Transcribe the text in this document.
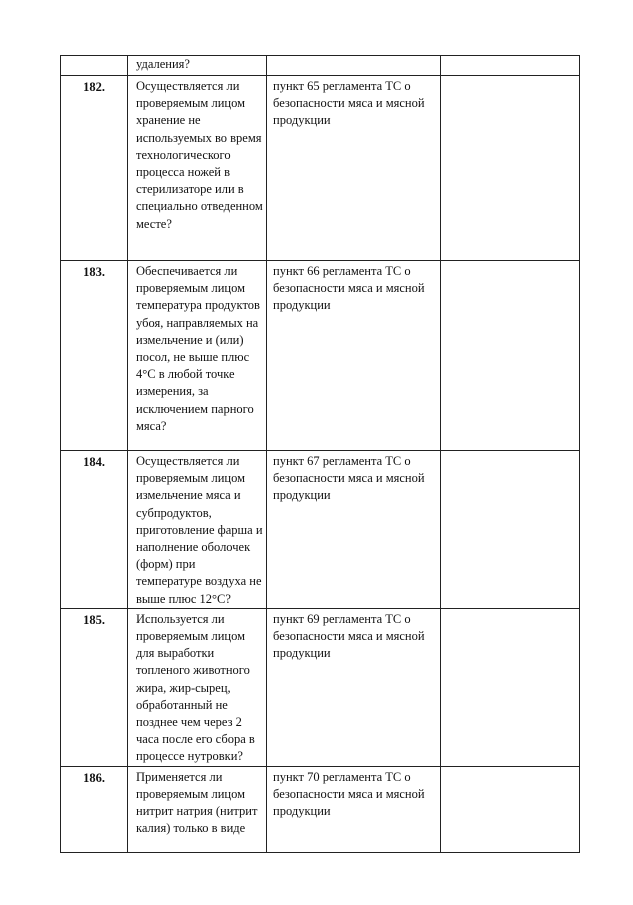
	удаления?		
182.	Осуществляется ли проверяемым лицом хранение не используемых во время технологического процесса ножей в стерилизаторе или в специально отведенном месте?	пункт 65 регламента ТС о безопасности мяса и мясной продукции	
183.	Обеспечивается ли проверяемым лицом температура продуктов убоя, направляемых на измельчение и (или) посол, не выше плюс 4°С в любой точке измерения, за исключением парного мяса?	пункт 66 регламента ТС о безопасности мяса и мясной продукции	
184.	Осуществляется ли проверяемым лицом измельчение мяса и субпродуктов, приготовление фарша и наполнение оболочек (форм) при температуре воздуха не выше плюс 12°С?	пункт 67 регламента ТС о безопасности мяса и мясной продукции	
185.	Используется ли проверяемым лицом для выработки топленого животного жира, жир-сырец, обработанный не позднее чем через 2 часа после его сбора в процессе нутровки?	пункт 69 регламента ТС о безопасности мяса и мясной продукции	
186.	Применяется ли проверяемым лицом нитрит натрия (нитрит калия) только в виде	пункт 70 регламента ТС о безопасности мяса и мясной продукции	
